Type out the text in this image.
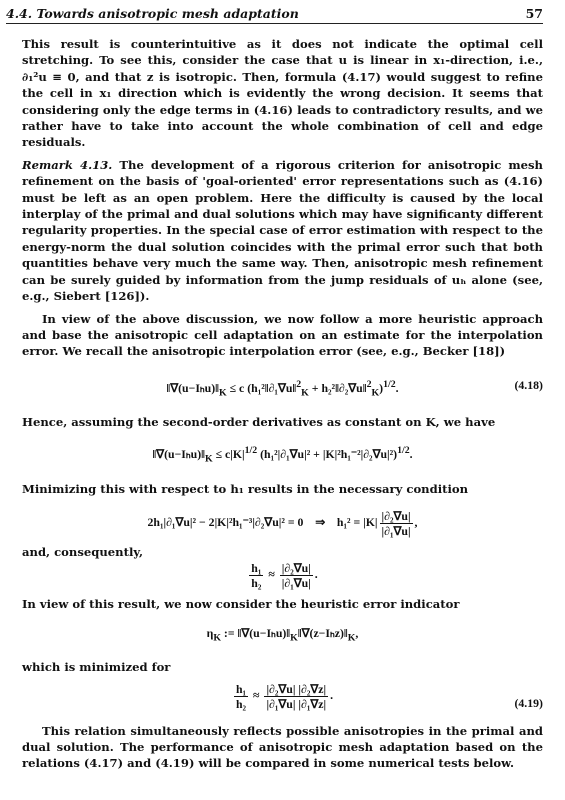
4.4. Towards anisotropic mesh adaptation	57

This result is counterintuitive as it does not indicate the optimal cell stretching. To see this, consider the case that u is linear in x₁-direction, i.e., ∂₁²u ≡ 0, and that z is isotropic. Then, formula (4.17) would suggest to refine the cell in x₁ direction which is evidently the wrong decision. It seems that considering only the edge terms in (4.16) leads to contradictory results, and we rather have to take into account the whole combination of cell and edge residuals.

Remark 4.13. The development of a rigorous criterion for anisotropic mesh refinement on the basis of 'goal-oriented' error representations such as (4.16) must be left as an open problem. Here the difficulty is caused by the local interplay of the primal and dual solutions which may have significanty different regularity properties. In the special case of error estimation with respect to the energy-norm the dual solution coincides with the primal error such that both quantities behave very much the same way. Then, anisotropic mesh refinement can be surely guided by information from the jump residuals of uₕ alone (see, e.g., Siebert [126]).

In view of the above discussion, we now follow a more heuristic approach and base the anisotropic cell adaptation on an estimate for the interpolation error. We recall the anisotropic interpolation error (see, e.g., Becker [18])

$‖\nabla(u-I_hu)‖_K \le c$ (h₁²‖∂₁∇u‖$^2_K$ + h₂²‖∂₂∇u‖$^2_K$)$^{1/2}$.	(4.18)

Hence, assuming the second-order derivatives as constant on K, we have

$‖\nabla(u-I_hu)‖_K \le c|K|^{1/2}$ $(h_1^2|\partial_1\nabla u|^2 + |K|^2h_1^{-2}|\partial_2\nabla u|^2)^{1/2}$.

Minimizing this with respect to h₁ results in the necessary condition

2h₁|∂₁∇u|² − 2|K|²h₁⁻³|∂₂∇u|² = 0 ⇒ $h_1^2 = |K| \frac{\text{|∂₂∇u|}}{\text{|∂₁∇u|}}$ ,

and, consequently,

$\frac{\text{h₁}}{\text{h₂}} \approx \frac{\text{|∂₂∇u|}}{\text{|∂₁∇u|}}$ .

In view of this result, we now consider the heuristic error indicator

$\eta_K$ := $‖\nabla(u-I_hu)‖_K‖\nabla(z-I_hz)‖_K$,

which is minimized for

$\frac{\text{h₁}}{\text{h₂}} \approx \frac{\text{|∂₂∇u| |∂₂∇z|}}{\text{|∂₁∇u| |∂₁∇z|}}$ .
(4.19)

This relation simultaneously reflects possible anisotropies in the primal and dual solution. The performance of anisotropic mesh adaptation based on the relations (4.17) and (4.19) will be compared in some numerical tests below.
